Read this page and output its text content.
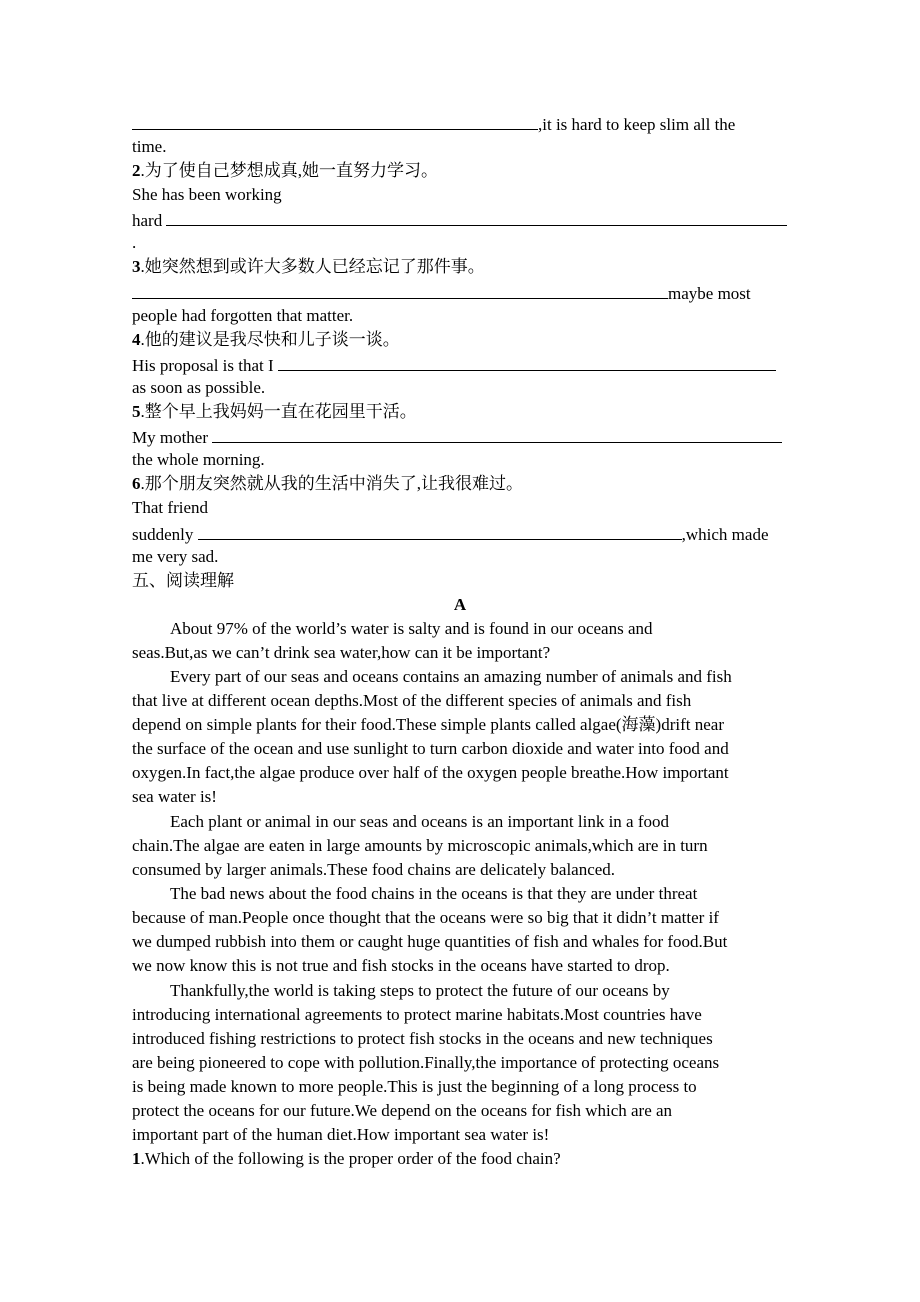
,it is hard to keep slim all the
time.
2.为了使自己梦想成真,她一直努力学习。
She has been working
hard
.
3.她突然想到或许大多数人已经忘记了那件事。
maybe most
people had forgotten that matter.
4.他的建议是我尽快和儿子谈一谈。
His proposal is that I
as soon as possible.
5.整个早上我妈妈一直在花园里干活。
My mother
the whole morning.
6.那个朋友突然就从我的生活中消失了,让我很难过。
That friend
suddenly	,which made
me very sad.
五、阅读理解
A
About 97% of the world’s water is salty and is found in our oceans and
seas.But,as we can’t drink sea water,how can it be important?
Every part of our seas and oceans contains an amazing number of animals and fish
that live at different ocean depths.Most of the different species of animals and fish
depend on simple plants for their food.These simple plants called algae(海藻)drift near
the surface of the ocean and use sunlight to turn carbon dioxide and water into food and
oxygen.In fact,the algae produce over half of the oxygen people breathe.How important
sea water is!
Each plant or animal in our seas and oceans is an important link in a food
chain.The algae are eaten in large amounts by microscopic animals,which are in turn
consumed by larger animals.These food chains are delicately balanced.
The bad news about the food chains in the oceans is that they are under threat
because of man.People once thought that the oceans were so big that it didn’t matter if
we dumped rubbish into them or caught huge quantities of fish and whales for food.But
we now know this is not true and fish stocks in the oceans have started to drop.
Thankfully,the world is taking steps to protect the future of our oceans by
introducing international agreements to protect marine habitats.Most countries have
introduced fishing restrictions to protect fish stocks in the oceans and new techniques
are being pioneered to cope with pollution.Finally,the importance of protecting oceans
is being made known to more people.This is just the beginning of a long process to
protect the oceans for our future.We depend on the oceans for fish which are an
important part of the human diet.How important sea water is!
1.Which of the following is the proper order of the food chain?
